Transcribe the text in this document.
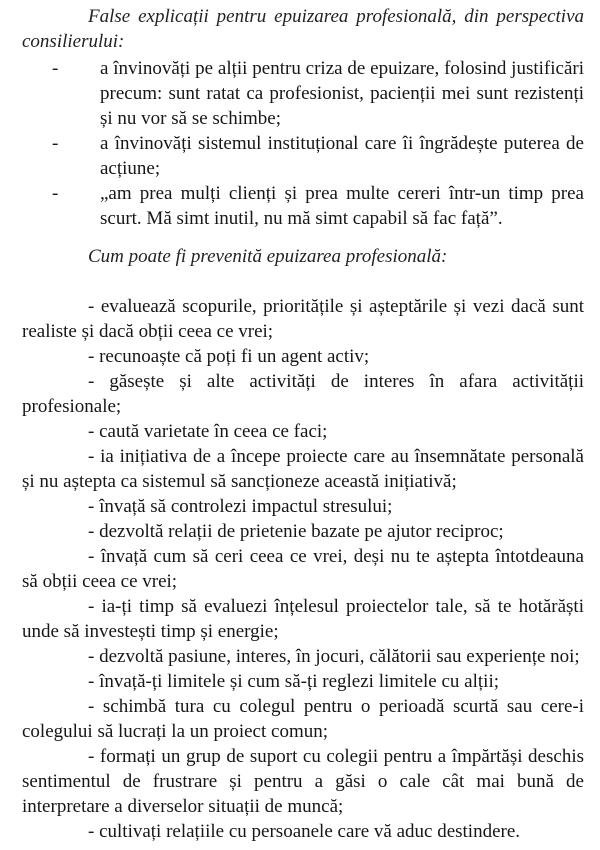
False explicații pentru epuizarea profesională, din perspectiva consilierului:

- a învinovăți pe alții pentru criza de epuizare, folosind justificări precum: sunt ratat ca profesionist, pacienții mei sunt rezistenți și nu vor să se schimbe;
- a învinovăți sistemul instituțional care îi îngrădește puterea de acțiune;
- „am prea mulți clienți și prea multe cereri într-un timp prea scurt. Mă simt inutil, nu mă simt capabil să fac față”.

Cum poate fi prevenită epuizarea profesională:

- evaluează scopurile, prioritățile și așteptările și vezi dacă sunt realiste și dacă obții ceea ce vrei;

- recunoaște că poți fi un agent activ;

- găsește și alte activități de interes în afara activității profesionale;

- caută varietate în ceea ce faci;

- ia inițiativa de a începe proiecte care au însemnătate personală și nu aștepta ca sistemul să sancționeze această inițiativă;

- învață să controlezi impactul stresului;

- dezvoltă relații de prietenie bazate pe ajutor reciproc;

- învață cum să ceri ceea ce vrei, deși nu te aștepta întotdeauna să obții ceea ce vrei;

- ia-ți timp să evaluezi înțelesul proiectelor tale, să te hotărăști unde să investești timp și energie;

- dezvoltă pasiune, interes, în jocuri, călătorii sau experiențe noi;

- învață-ți limitele și cum să-ți reglezi limitele cu alții;

- schimbă tura cu colegul pentru o perioadă scurtă sau cere-i colegului să lucrați la un proiect comun;

- formați un grup de suport cu colegii pentru a împărtăși deschis sentimentul de frustrare și pentru a găsi o cale cât mai bună de interpretare a diverselor situații de muncă;

- cultivați relațiile cu persoanele care vă aduc destindere.
